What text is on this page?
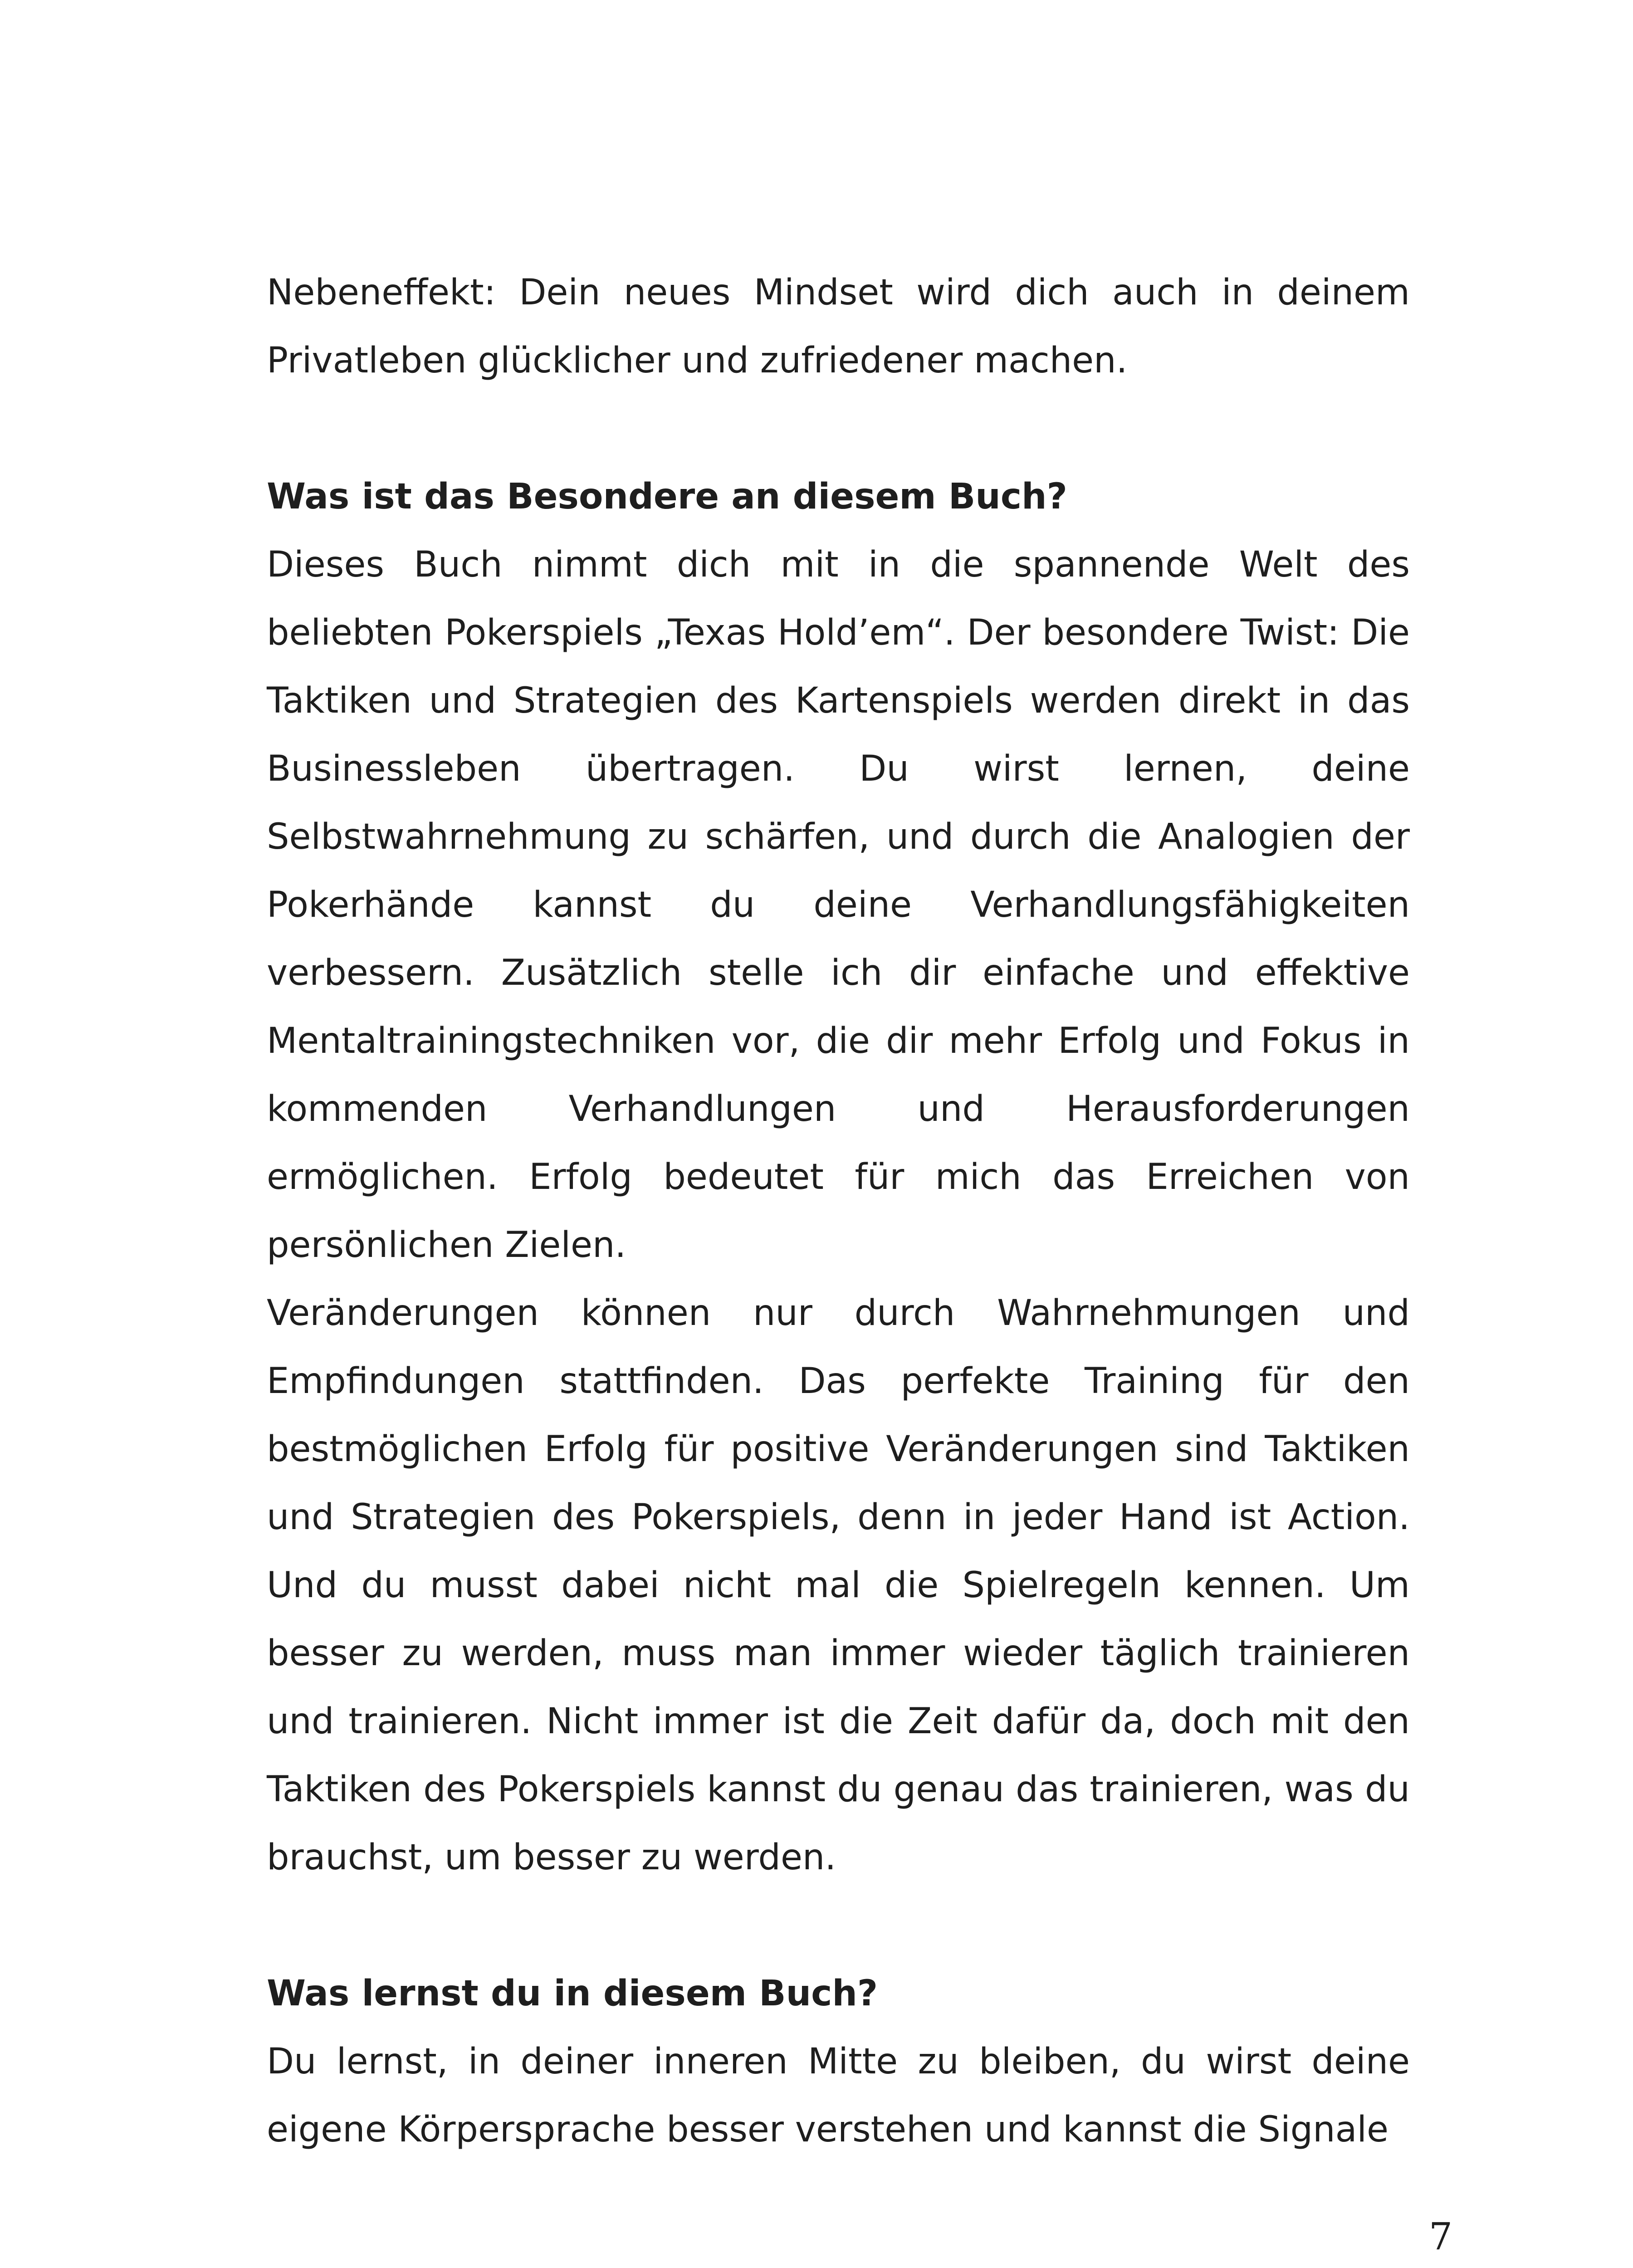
Nebeneffekt: Dein neues Mindset wird dich auch in deinem Privatleben glücklicher und zufriedener machen.

Was ist das Besondere an diesem Buch?

Dieses Buch nimmt dich mit in die spannende Welt des beliebten Pokerspiels „Texas Hold’em“. Der besondere Twist: Die Taktiken und Strategien des Kartenspiels werden direkt in das Businessleben übertragen. Du wirst lernen, deine Selbstwahrnehmung zu schärfen, und durch die Analogien der Pokerhände kannst du deine Verhandlungsfähigkeiten verbessern. Zusätzlich stelle ich dir einfache und effektive Mentaltrainingstechniken vor, die dir mehr Erfolg und Fokus in kommenden Verhandlungen und Herausforderungen ermöglichen. Erfolg bedeutet für mich das Erreichen von persönlichen Zielen.

Veränderungen können nur durch Wahrnehmungen und Empfindungen stattfinden. Das perfekte Training für den bestmöglichen Erfolg für positive Veränderungen sind Taktiken und Strategien des Pokerspiels, denn in jeder Hand ist Action. Und du musst dabei nicht mal die Spielregeln kennen. Um besser zu werden, muss man immer wieder täglich trainieren und trainieren. Nicht immer ist die Zeit dafür da, doch mit den Taktiken des Pokerspiels kannst du genau das trainieren, was du brauchst, um besser zu werden.

Was lernst du in diesem Buch?

Du lernst, in deiner inneren Mitte zu bleiben, du wirst deine eigene Körpersprache besser verstehen und kannst die Signale

7
